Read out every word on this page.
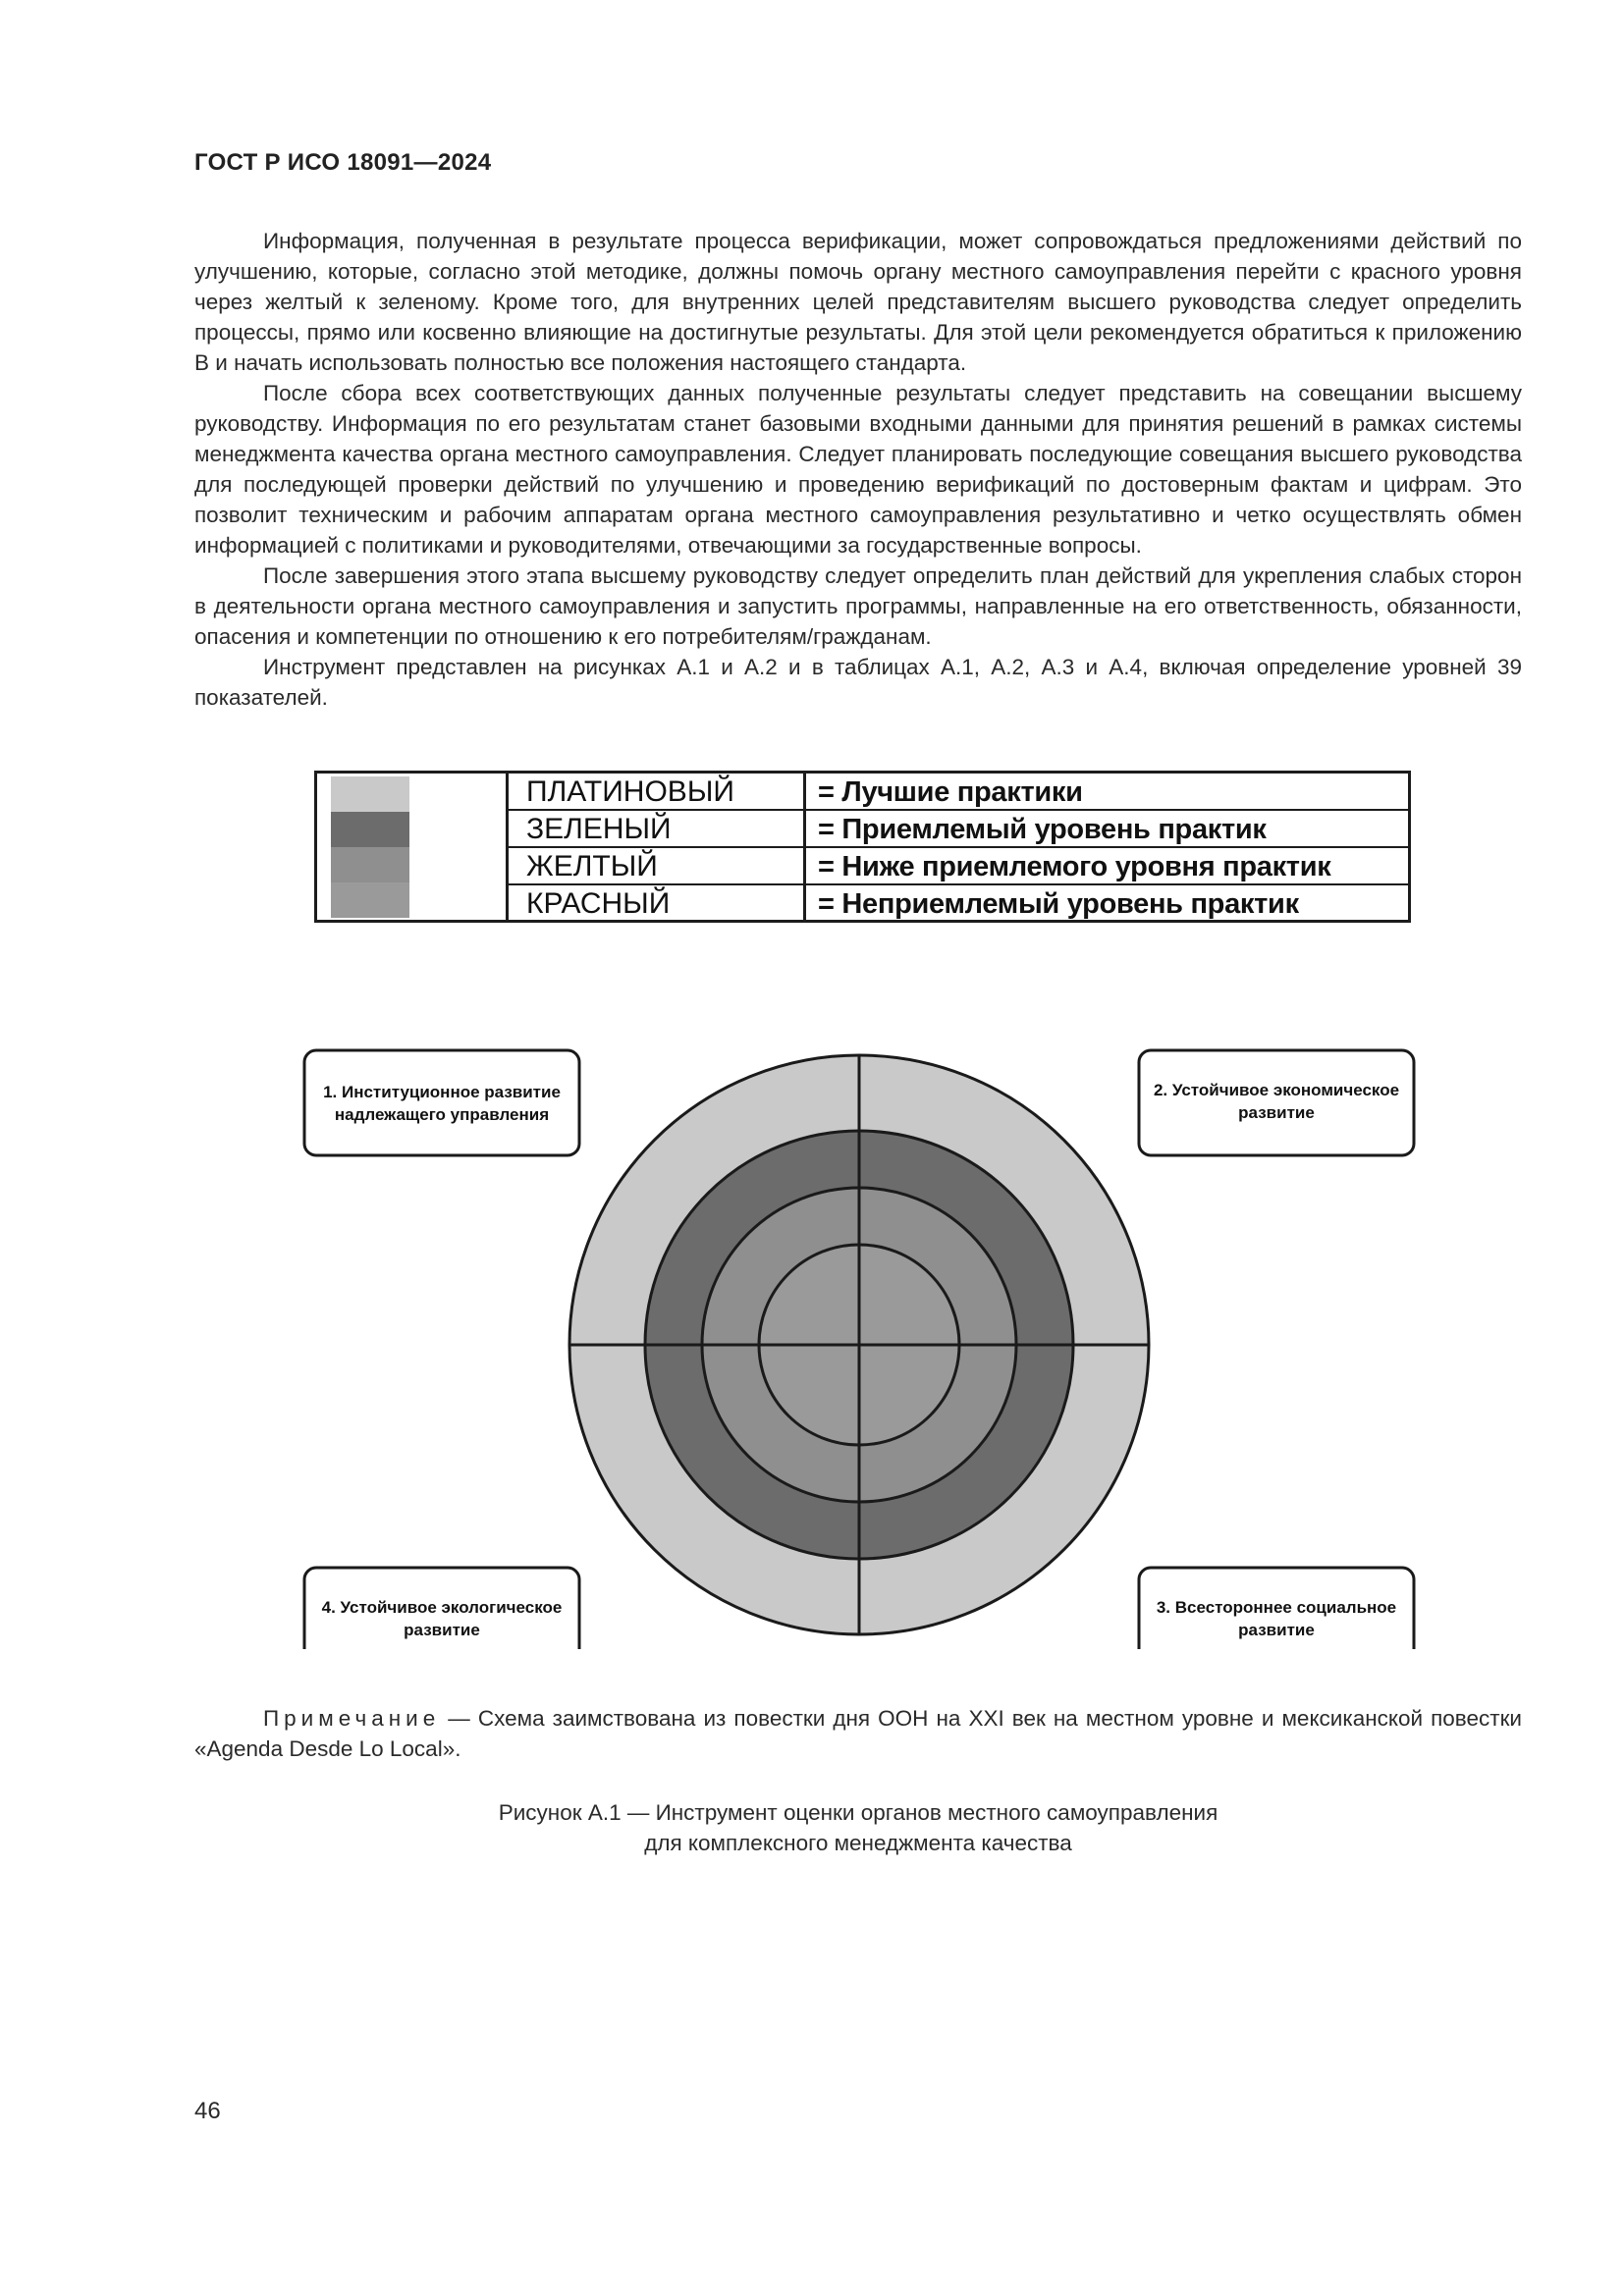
ГОСТ Р ИСО 18091—2024

Информация, полученная в результате процесса верификации, может сопровождаться предложениями действий по улучшению, которые, согласно этой методике, должны помочь органу местного самоуправления перейти с красного уровня через желтый к зеленому. Кроме того, для внутренних целей представителям высшего руководства следует определить процессы, прямо или косвенно влияющие на достигнутые результаты. Для этой цели рекомендуется обратиться к приложению В и начать использовать полностью все положения настоящего стандарта.

После сбора всех соответствующих данных полученные результаты следует представить на совещании высшему руководству. Информация по его результатам станет базовыми входными данными для принятия решений в рамках системы менеджмента качества органа местного самоуправления. Следует планировать последующие совещания высшего руководства для последующей проверки действий по улучшению и проведению верификаций по достоверным фактам и цифрам. Это позволит техническим и рабочим аппаратам органа местного самоуправления результативно и четко осуществлять обмен информацией с политиками и руководителями, отвечающими за государственные вопросы.

После завершения этого этапа высшему руководству следует определить план действий для укрепления слабых сторон в деятельности органа местного самоуправления и запустить программы, направленные на его ответственность, обязанности, опасения и компетенции по отношению к его потребителям/гражданам.

Инструмент представлен на рисунках А.1 и А.2 и в таблицах А.1, А.2, А.3 и А.4, включая определение уровней 39 показателей.

ПЛАТИНОВЫЙ	= Лучшие практики
ЗЕЛЕНЫЙ	= Приемлемый уровень практик
ЖЕЛТЫЙ	= Ниже приемлемого уровня практик
КРАСНЫЙ	= Неприемлемый уровень практик
1. Институционное развитие
надлежащего управления
2. Устойчивое экономическое
развитие
3. Всестороннее социальное
развитие
4. Устойчивое экологическое
развитие
Примечание — Схема заимствована из повестки дня ООН на XXI век на местном уровне и мексиканской повестки «Agenda Desde Lo Local».
Рисунок А.1 — Инструмент оценки органов местного самоуправления
для комплексного менеджмента качества
46
